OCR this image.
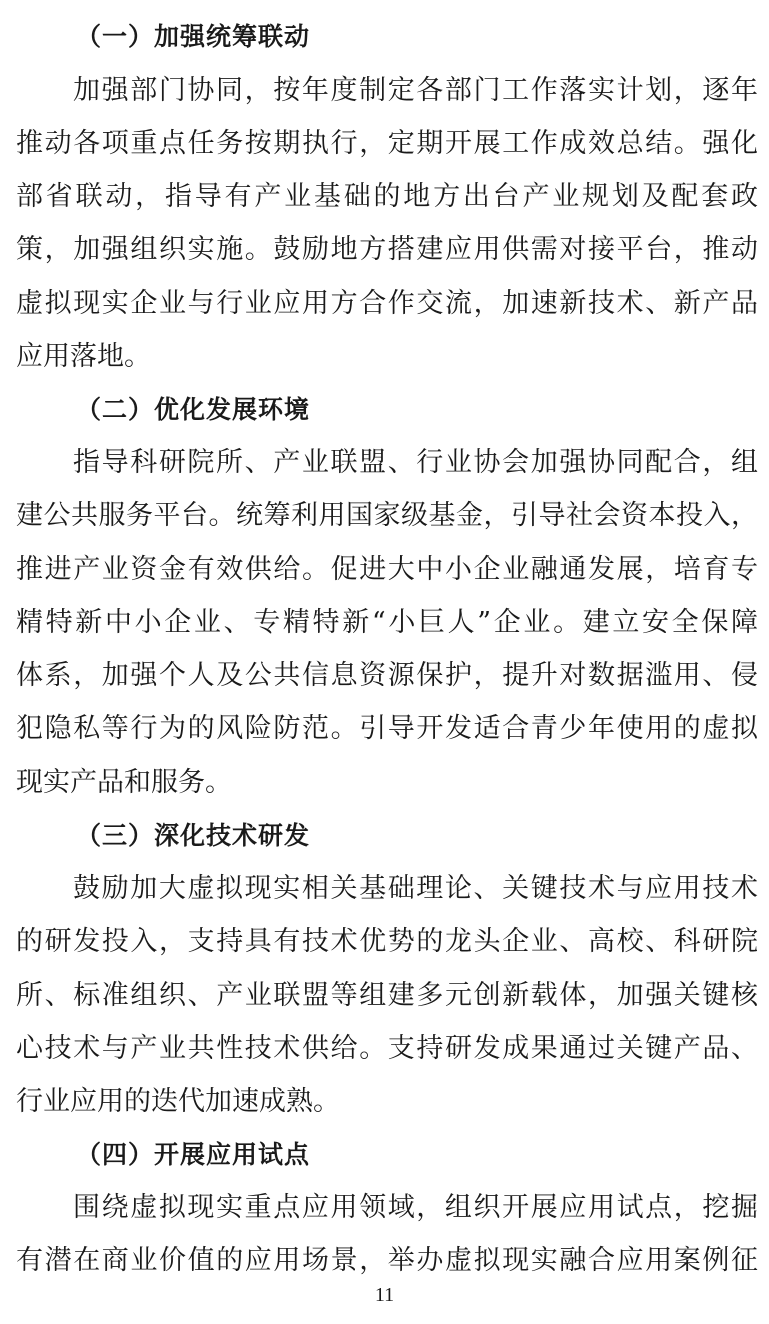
（一）加强统筹联动
加强部门协同，按年度制定各部门工作落实计划，逐年
推动各项重点任务按期执行，定期开展工作成效总结。强化
部省联动，指导有产业基础的地方出台产业规划及配套政
策，加强组织实施。鼓励地方搭建应用供需对接平台，推动
虚拟现实企业与行业应用方合作交流，加速新技术、新产品
应用落地。
（二）优化发展环境
指导科研院所、产业联盟、行业协会加强协同配合，组
建公共服务平台。统筹利用国家级基金，引导社会资本投入，
推进产业资金有效供给。促进大中小企业融通发展，培育专
精特新中小企业、专精特新“小巨人”企业。建立安全保障
体系，加强个人及公共信息资源保护，提升对数据滥用、侵
犯隐私等行为的风险防范。引导开发适合青少年使用的虚拟
现实产品和服务。
（三）深化技术研发
鼓励加大虚拟现实相关基础理论、关键技术与应用技术
的研发投入，支持具有技术优势的龙头企业、高校、科研院
所、标准组织、产业联盟等组建多元创新载体，加强关键核
心技术与产业共性技术供给。支持研发成果通过关键产品、
行业应用的迭代加速成熟。
（四）开展应用试点
围绕虚拟现实重点应用领域，组织开展应用试点，挖掘
有潜在商业价值的应用场景，举办虚拟现实融合应用案例征
11
